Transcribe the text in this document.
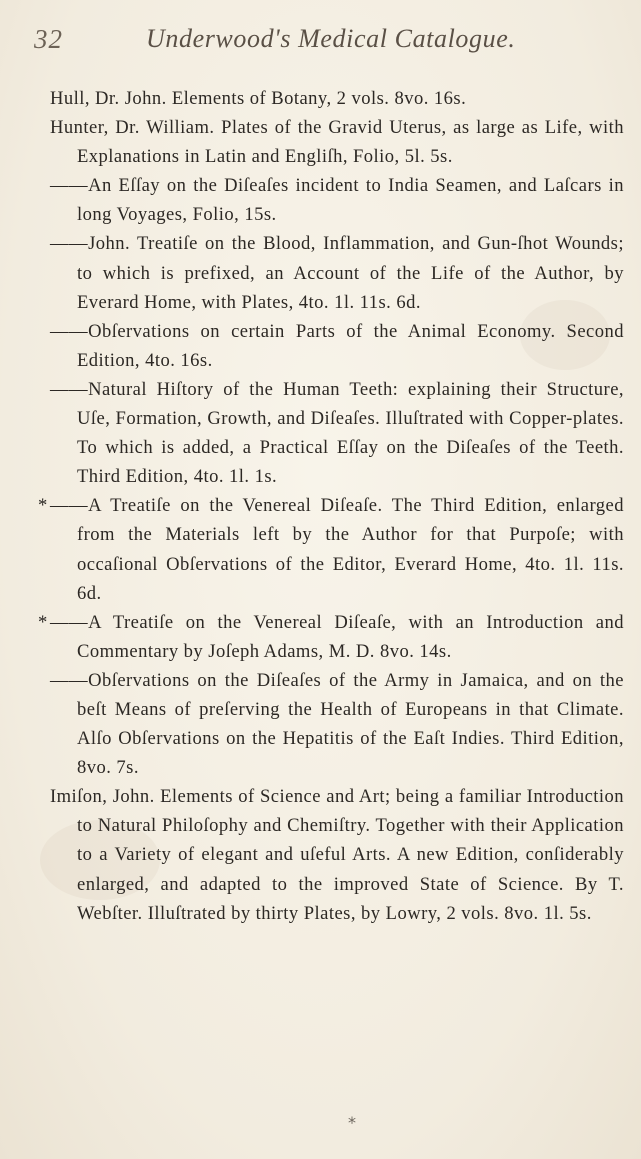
32	Underwood's Medical Catalogue.

Hull, Dr. John. Elements of Botany, 2 vols. 8vo. 16s.

Hunter, Dr. William. Plates of the Gravid Uterus, as large as Life, with Explanations in Latin and Engliſh, Folio, 5l. 5s.

——An Eſſay on the Diſeaſes incident to India Seamen, and Laſcars in long Voyages, Folio, 15s.

——John. Treatiſe on the Blood, Inflammation, and Gun-ſhot Wounds; to which is prefixed, an Account of the Life of the Author, by Everard Home, with Plates, 4to. 1l. 11s. 6d.

——Obſervations on certain Parts of the Animal Economy. Second Edition, 4to. 16s.

——Natural Hiſtory of the Human Teeth: explaining their Structure, Uſe, Formation, Growth, and Diſeaſes. Illuſtrated with Copper-plates. To which is added, a Practical Eſſay on the Diſeaſes of the Teeth. Third Edition, 4to. 1l. 1s.

* ——A Treatiſe on the Venereal Diſeaſe. The Third Edition, enlarged from the Materials left by the Author for that Purpoſe; with occaſional Obſervations of the Editor, Everard Home, 4to. 1l. 11s. 6d.

* ——A Treatiſe on the Venereal Diſeaſe, with an Introduction and Commentary by Joſeph Adams, M. D. 8vo. 14s.

——Obſervations on the Diſeaſes of the Army in Jamaica, and on the beſt Means of preſerving the Health of Europeans in that Climate. Alſo Obſervations on the Hepatitis of the Eaſt Indies. Third Edition, 8vo. 7s.

Imiſon, John. Elements of Science and Art; being a familiar Introduction to Natural Philoſophy and Chemiſtry. Together with their Application to a Variety of elegant and uſeful Arts. A new Edition, conſiderably enlarged, and adapted to the improved State of Science. By T. Webſter. Illuſtrated by thirty Plates, by Lowry, 2 vols. 8vo. 1l. 5s.

*
